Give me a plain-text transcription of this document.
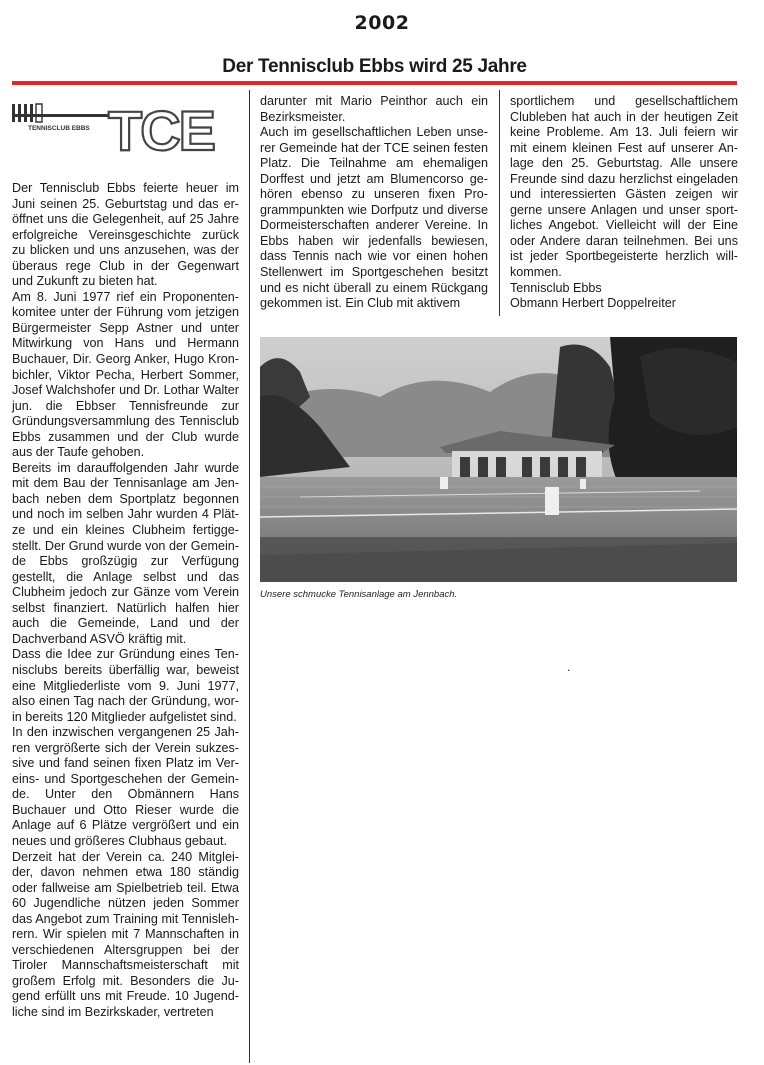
2002
Der Tennisclub Ebbs wird 25 Jahre
TCE
TENNISCLUB EBBS

Der Tennisclub Ebbs feierte heuer im Juni seinen 25. Geburtstag und das eröffnet uns die Gelegenheit, auf 25 Jahre erfolgreiche Vereinsgeschichte zurück zu blicken und uns anzusehen, was der überaus rege Club in der Gegenwart und Zukunft zu bieten hat.

Am 8. Juni 1977 rief ein Proponentenkomitee unter der Führung vom jetzigen Bürgermeister Sepp Astner und unter Mitwirkung von Hans und Hermann Buchauer, Dir. Georg Anker, Hugo Kronbichler, Viktor Pecha, Herbert Sommer, Josef Walchshofer und Dr. Lothar Walter jun. die Ebbser Tennisfreunde zur Gründungsversammlung des Tennisclub Ebbs zusammen und der Club wurde aus der Taufe gehoben.

Bereits im darauffolgenden Jahr wurde mit dem Bau der Tennisanlage am Jenbach neben dem Sportplatz begonnen und noch im selben Jahr wurden 4 Plätze und ein kleines Clubheim fertiggestellt. Der Grund wurde von der Gemeinde Ebbs großzügig zur Verfügung gestellt, die Anlage selbst und das Clubheim jedoch zur Gänze vom Verein selbst finanziert. Natürlich halfen hier auch die Gemeinde, Land und der Dachverband ASVÖ kräftig mit.

Dass die Idee zur Gründung eines Tennisclubs bereits überfällig war, beweist eine Mitgliederliste vom 9. Juni 1977, also einen Tag nach der Gründung, worin bereits 120 Mitglieder aufgelistet sind.

In den inzwischen vergangenen 25 Jahren vergrößerte sich der Verein sukzessive und fand seinen fixen Platz im Vereins- und Sportgeschehen der Gemeinde. Unter den Obmännern Hans Buchauer und Otto Rieser wurde die Anlage auf 6 Plätze vergrößert und ein neues und größeres Clubhaus gebaut.

Derzeit hat der Verein ca. 240 Mitgleider, davon nehmen etwa 180 ständig oder fallweise am Spielbetrieb teil. Etwa 60 Jugendliche nützen jeden Sommer das Angebot zum Training mit Tennislehrern. Wir spielen mit 7 Mannschaften in verschiedenen Altersgruppen bei der Tiroler Mannschaftsmeisterschaft mit großem Erfolg mit. Besonders die Jugend erfüllt uns mit Freude. 10 Jugendliche sind im Bezirkskader, vertreten

darunter mit Mario Peinthor auch ein Bezirksmeister.

Auch im gesellschaftlichen Leben unserer Gemeinde hat der TCE seinen festen Platz. Die Teilnahme am ehemaligen Dorffest und jetzt am Blumencorso gehören ebenso zu unseren fixen Programmpunkten wie Dorfputz und diverse Dormeisterschaften anderer Vereine. In Ebbs haben wir jedenfalls bewiesen, dass Tennis nach wie vor einen hohen Stellenwert im Sportgeschehen besitzt und es nicht überall zu einem Rückgang gekommen ist. Ein Club mit aktivem

sportlichem und gesellschaftlichem Clubleben hat auch in der heutigen Zeit keine Probleme. Am 13. Juli feiern wir mit einem kleinen Fest auf unserer Anlage den 25. Geburtstag. Alle unsere Freunde sind dazu herzlichst eingeladen und interessierten Gästen zeigen wir gerne unsere Anlagen und unser sportliches Angebot. Vielleicht will der Eine oder Andere daran teilnehmen. Bei uns ist jeder Sportbegeisterte herzlich willkommen.

Tennisclub Ebbs

Obmann Herbert Doppelreiter

Unsere schmucke Tennisanlage am Jennbach.
.
